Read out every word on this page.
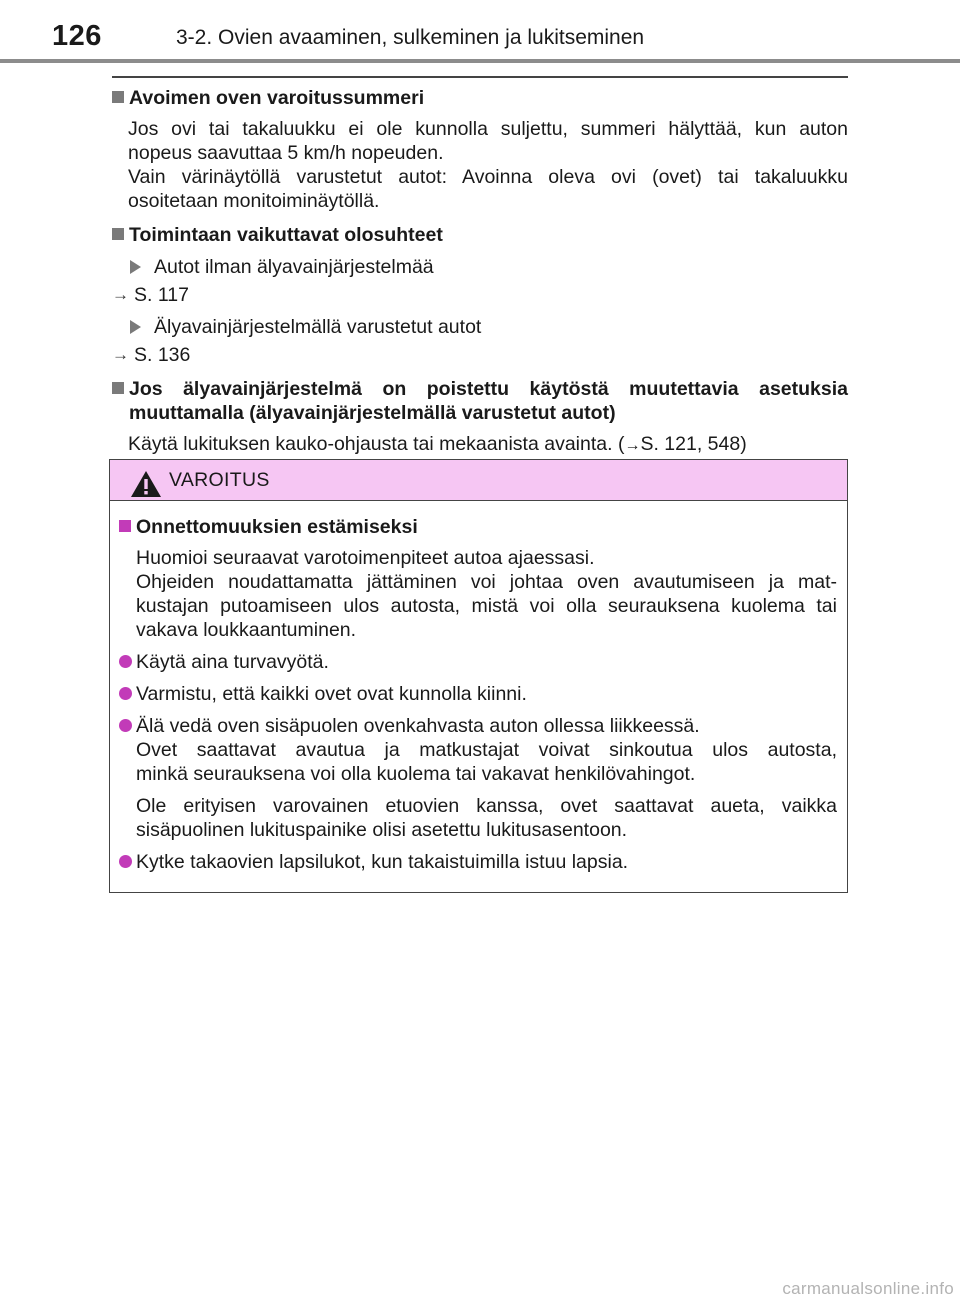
126	3-2. Ovien avaaminen, sulkeminen ja lukitseminen
Avoimen oven varoitussummeri
Jos ovi tai takaluukku ei ole kunnolla suljettu, summeri hälyttää, kun auton
nopeus saavuttaa 5 km/h nopeuden.
Vain värinäytöllä varustetut autot: Avoinna oleva ovi (ovet) tai takaluukku
osoitetaan monitoiminäytöllä.
Toimintaan vaikuttavat olosuhteet
Autot ilman älyavainjärjestelmää
→ S. 117
Älyavainjärjestelmällä varustetut autot
→ S. 136
Jos älyavainjärjestelmä on poistettu käytöstä muutettavia asetuksia
muuttamalla (älyavainjärjestelmällä varustetut autot)
Käytä lukituksen kauko-ohjausta tai mekaanista avainta. (→S. 121, 548)
VAROITUS
Onnettomuuksien estämiseksi
Huomioi seuraavat varotoimenpiteet autoa ajaessasi.
Ohjeiden noudattamatta jättäminen voi johtaa oven avautumiseen ja mat-
kustajan putoamiseen ulos autosta, mistä voi olla seurauksena kuolema tai
vakava loukkaantuminen.
Käytä aina turvavyötä.
Varmistu, että kaikki ovet ovat kunnolla kiinni.
Älä vedä oven sisäpuolen ovenkahvasta auton ollessa liikkeessä.
Ovet saattavat avautua ja matkustajat voivat sinkoutua ulos autosta,
minkä seurauksena voi olla kuolema tai vakavat henkilövahingot.
Ole erityisen varovainen etuovien kanssa, ovet saattavat aueta, vaikka
sisäpuolinen lukituspainike olisi asetettu lukitusasentoon.
Kytke takaovien lapsilukot, kun takaistuimilla istuu lapsia.
carmanualsonline.info
